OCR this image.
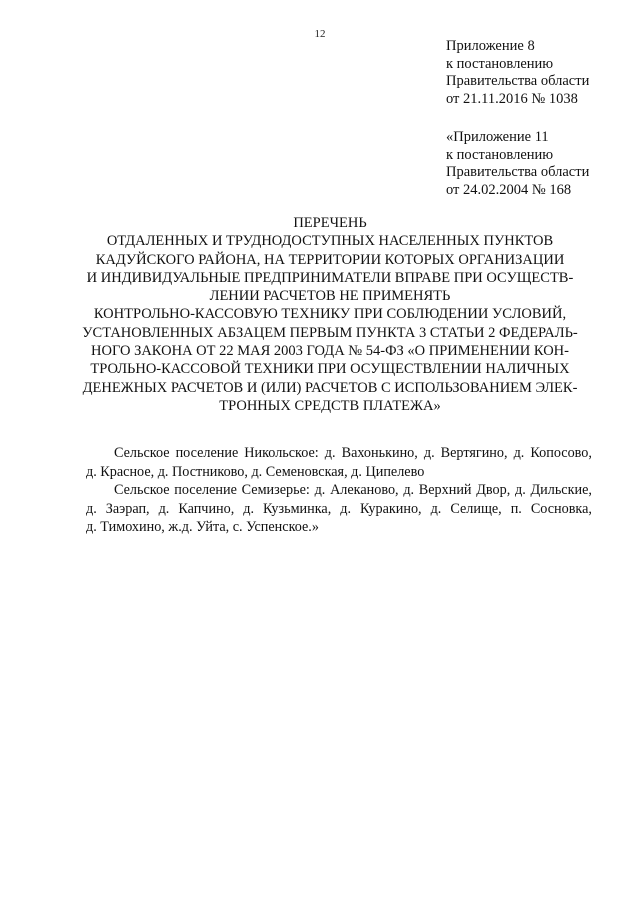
12
Приложение 8
к постановлению
Правительства области
от 21.11.2016 № 1038
«Приложение 11
к постановлению
Правительства области
от 24.02.2004 № 168
ПЕРЕЧЕНЬ
ОТДАЛЕННЫХ И ТРУДНОДОСТУПНЫХ НАСЕЛЕННЫХ ПУНКТОВ
КАДУЙСКОГО РАЙОНА, НА ТЕРРИТОРИИ КОТОРЫХ ОРГАНИЗАЦИИ
И ИНДИВИДУАЛЬНЫЕ ПРЕДПРИНИМАТЕЛИ ВПРАВЕ ПРИ ОСУЩЕСТВ-
ЛЕНИИ РАСЧЕТОВ НЕ ПРИМЕНЯТЬ
КОНТРОЛЬНО-КАССОВУЮ ТЕХНИКУ ПРИ СОБЛЮДЕНИИ УСЛОВИЙ,
УСТАНОВЛЕННЫХ АБЗАЦЕМ ПЕРВЫМ ПУНКТА 3 СТАТЬИ 2 ФЕДЕРАЛЬ-
НОГО ЗАКОНА ОТ 22 МАЯ 2003 ГОДА № 54-ФЗ «О ПРИМЕНЕНИИ КОН-
ТРОЛЬНО-КАССОВОЙ ТЕХНИКИ ПРИ ОСУЩЕСТВЛЕНИИ НАЛИЧНЫХ
ДЕНЕЖНЫХ РАСЧЕТОВ И (ИЛИ) РАСЧЕТОВ С ИСПОЛЬЗОВАНИЕМ ЭЛЕК-
ТРОННЫХ СРЕДСТВ ПЛАТЕЖА»
Сельское поселение Никольское: д. Вахонькино, д. Вертягино, д. Копосово,
д. Красное, д. Постниково, д. Семеновская, д. Ципелево
Сельское поселение Семизерье: д. Алеканово, д. Верхний Двор, д. Дильские,
д. Заэрап, д. Капчино, д. Кузьминка, д. Куракино, д. Селище, п. Сосновка,
д. Тимохино, ж.д. Уйта, с. Успенское.»
